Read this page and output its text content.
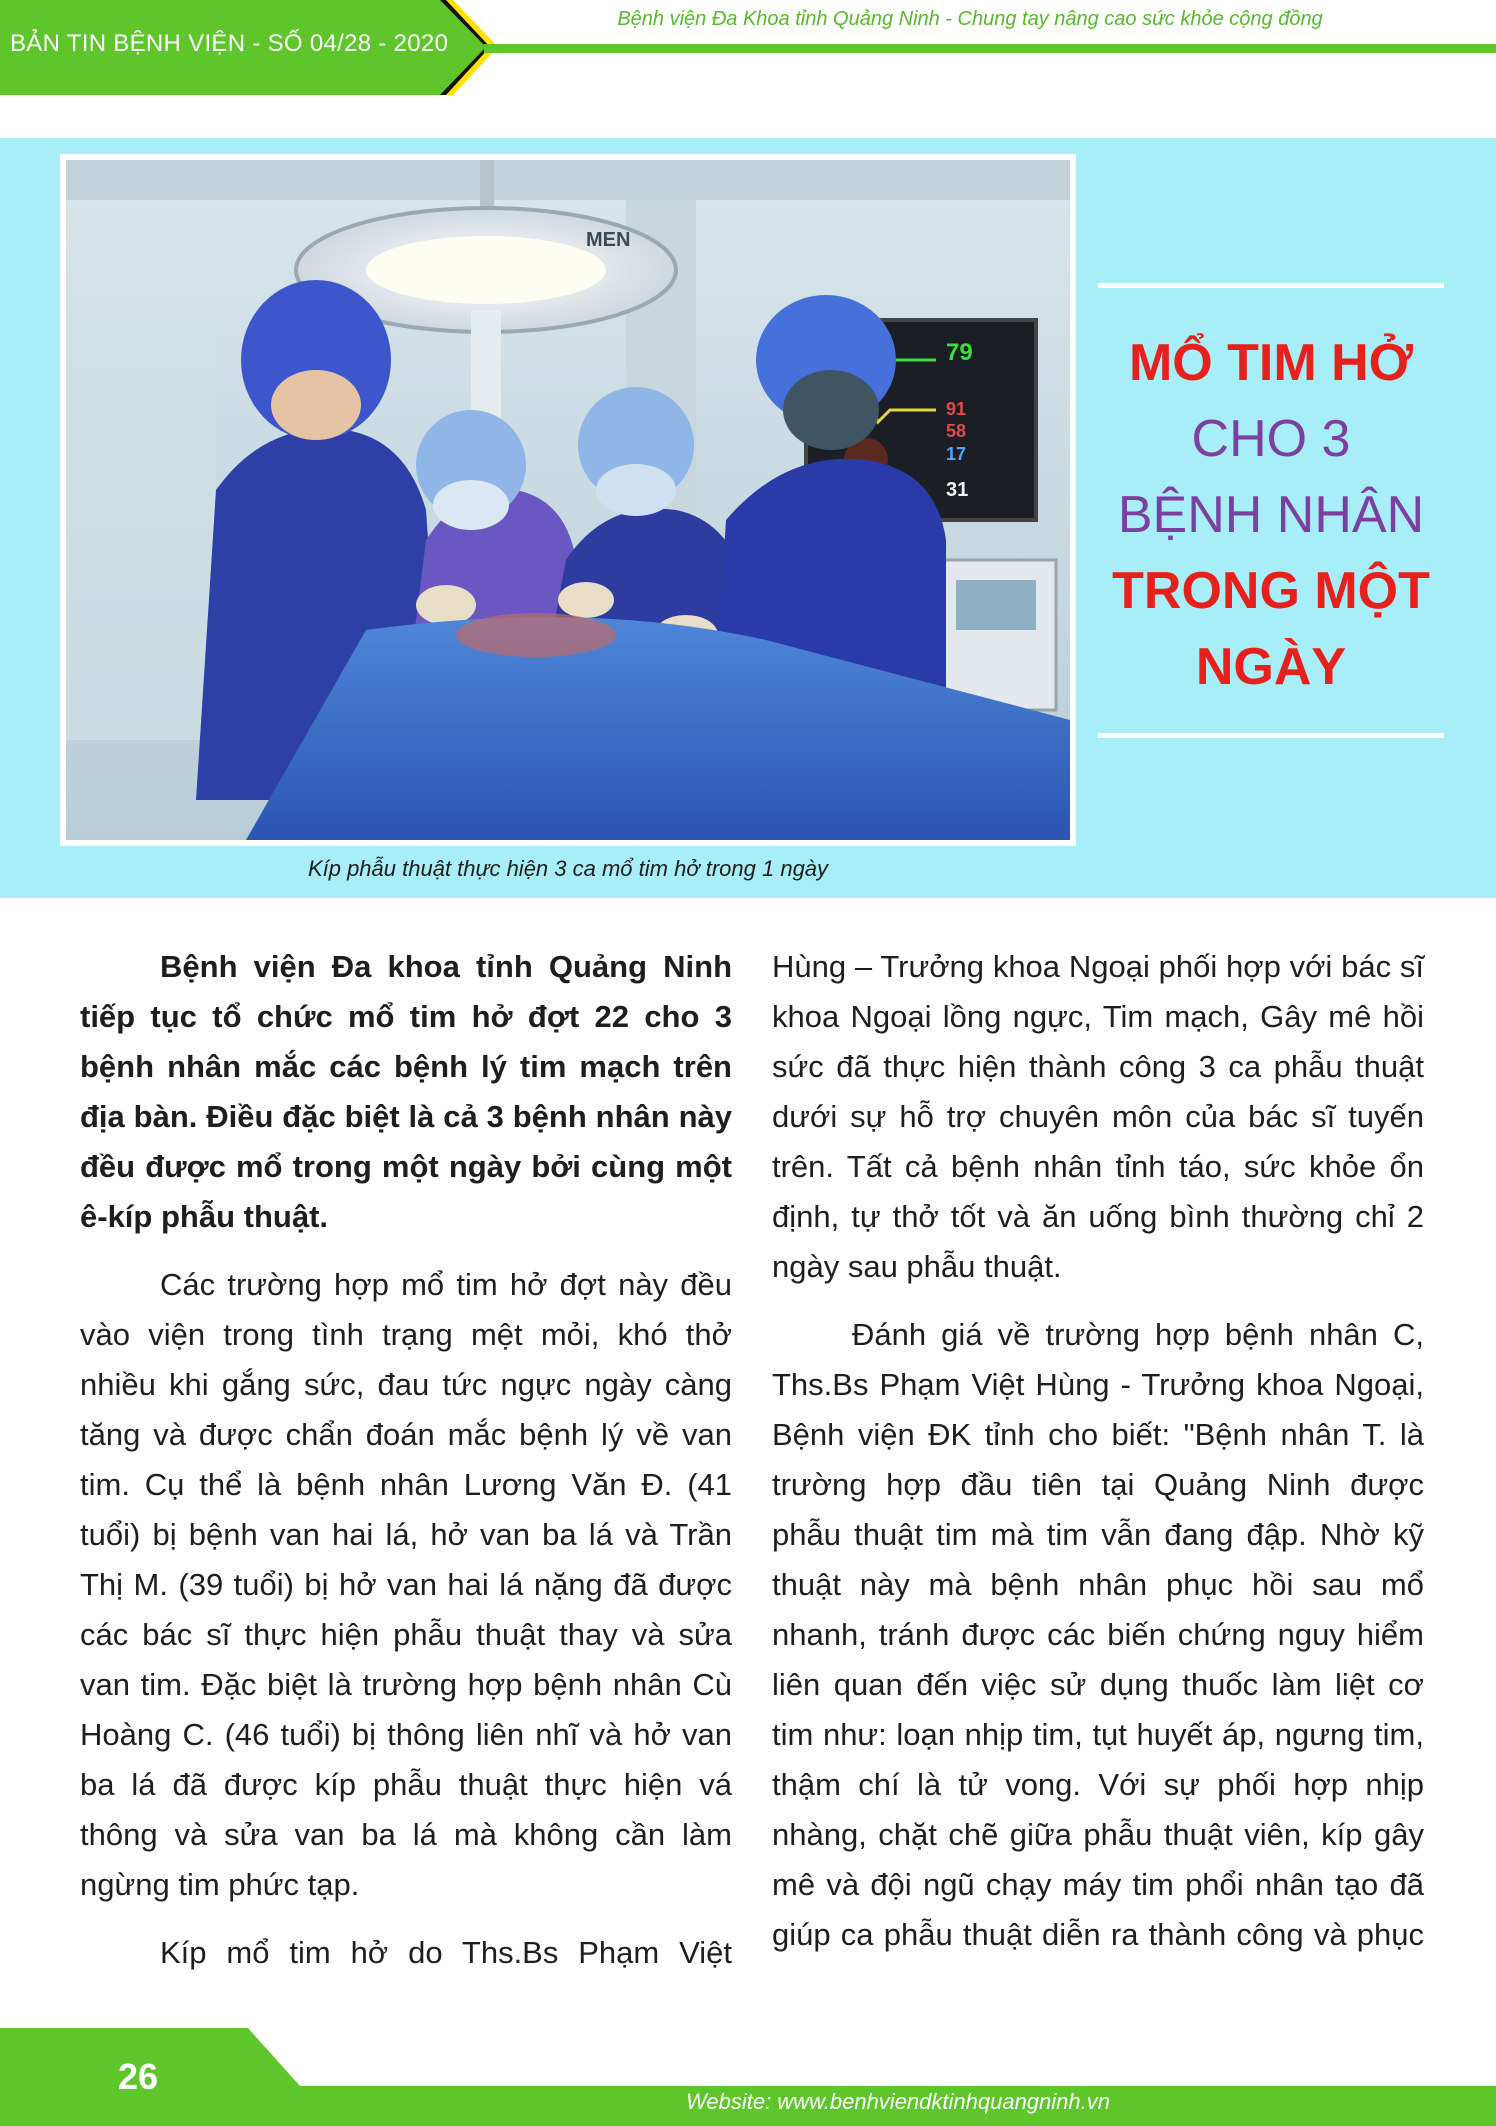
BẢN TIN BỆNH VIỆN - SỐ 04/28 - 2020
Bệnh viện Đa Khoa tỉnh Quảng Ninh - Chung tay nâng cao sức khỏe cộng đồng
MEN
79
91
58
17
31
Kíp phẫu thuật thực hiện 3 ca mổ tim hở trong 1 ngày
MỔ TIM HỞ
CHO 3
BỆNH NHÂN
TRONG MỘT
NGÀY

Bệnh viện Đa khoa tỉnh Quảng Ninh tiếp tục tổ chức mổ tim hở đợt 22 cho 3 bệnh nhân mắc các bệnh lý tim mạch trên địa bàn. Điều đặc biệt là cả 3 bệnh nhân này đều được mổ trong một ngày bởi cùng một ê-kíp phẫu thuật.

Các trường hợp mổ tim hở đợt này đều vào viện trong tình trạng mệt mỏi, khó thở nhiều khi gắng sức, đau tức ngực ngày càng tăng và được chẩn đoán mắc bệnh lý về van tim. Cụ thể là bệnh nhân Lương Văn Đ. (41 tuổi) bị bệnh van hai lá, hở van ba lá và Trần Thị M. (39 tuổi) bị hở van hai lá nặng đã được các bác sĩ thực hiện phẫu thuật thay và sửa van tim. Đặc biệt là trường hợp bệnh nhân Cù Hoàng C. (46 tuổi) bị thông liên nhĩ và hở van ba lá đã được kíp phẫu thuật thực hiện vá thông và sửa van ba lá mà không cần làm ngừng tim phức tạp.

Kíp mổ tim hở do Ths.Bs Phạm Việt

Hùng – Trưởng khoa Ngoại phối hợp với bác sĩ khoa Ngoại lồng ngực, Tim mạch, Gây mê hồi sức đã thực hiện thành công 3 ca phẫu thuật dưới sự hỗ trợ chuyên môn của bác sĩ tuyến trên. Tất cả bệnh nhân tỉnh táo, sức khỏe ổn định, tự thở tốt và ăn uống bình thường chỉ 2 ngày sau phẫu thuật.

Đánh giá về trường hợp bệnh nhân C, Ths.Bs Phạm Việt Hùng - Trưởng khoa Ngoại, Bệnh viện ĐK tỉnh cho biết: "Bệnh nhân T. là trường hợp đầu tiên tại Quảng Ninh được phẫu thuật tim mà tim vẫn đang đập. Nhờ kỹ thuật này mà bệnh nhân phục hồi sau mổ nhanh, tránh được các biến chứng nguy hiểm liên quan đến việc sử dụng thuốc làm liệt cơ tim như: loạn nhịp tim, tụt huyết áp, ngưng tim, thậm chí là tử vong. Với sự phối hợp nhịp nhàng, chặt chẽ giữa phẫu thuật viên, kíp gây mê và đội ngũ chạy máy tim phổi nhân tạo đã giúp ca phẫu thuật diễn ra thành công và phục

26
Website: www.benhviendktinhquangninh.vn
